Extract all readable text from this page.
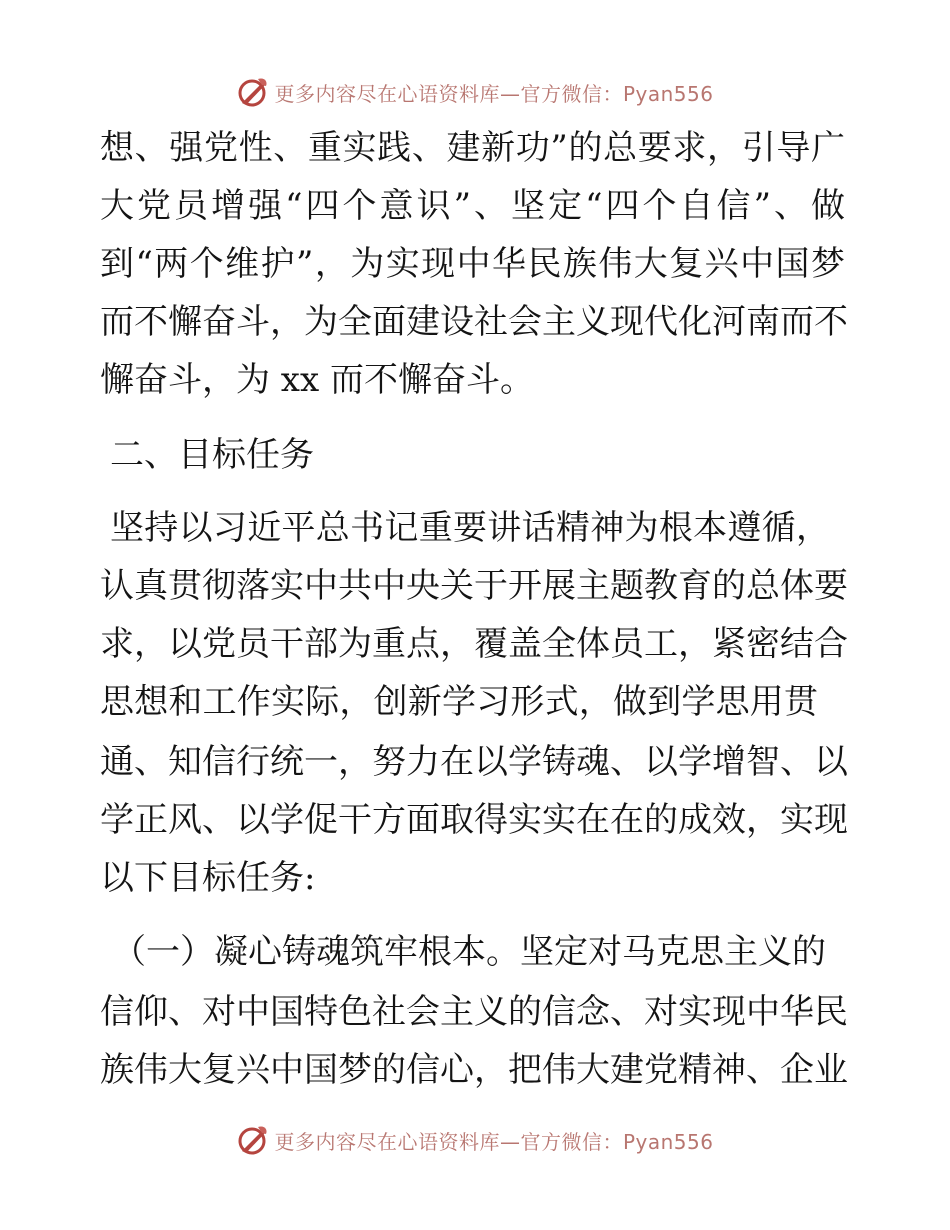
更多内容尽在心语资料库—官方微信：Pyan556
想、强党性、重实践、建新功”的总要求，引导广
大党员增强“四个意识”、坚定“四个自信”、做
到“两个维护”，为实现中华民族伟大复兴中国梦
而不懈奋斗，为全面建设社会主义现代化河南而不
懈奋斗，为 xx 而不懈奋斗。
二、目标任务
坚持以习近平总书记重要讲话精神为根本遵循，
认真贯彻落实中共中央关于开展主题教育的总体要
求，以党员干部为重点，覆盖全体员工，紧密结合
思想和工作实际，创新学习形式，做到学思用贯
通、知信行统一，努力在以学铸魂、以学增智、以
学正风、以学促干方面取得实实在在的成效，实现
以下目标任务:
（一）凝心铸魂筑牢根本。坚定对马克思主义的
信仰、对中国特色社会主义的信念、对实现中华民
族伟大复兴中国梦的信心，把伟大建党精神、企业
更多内容尽在心语资料库—官方微信：Pyan556
